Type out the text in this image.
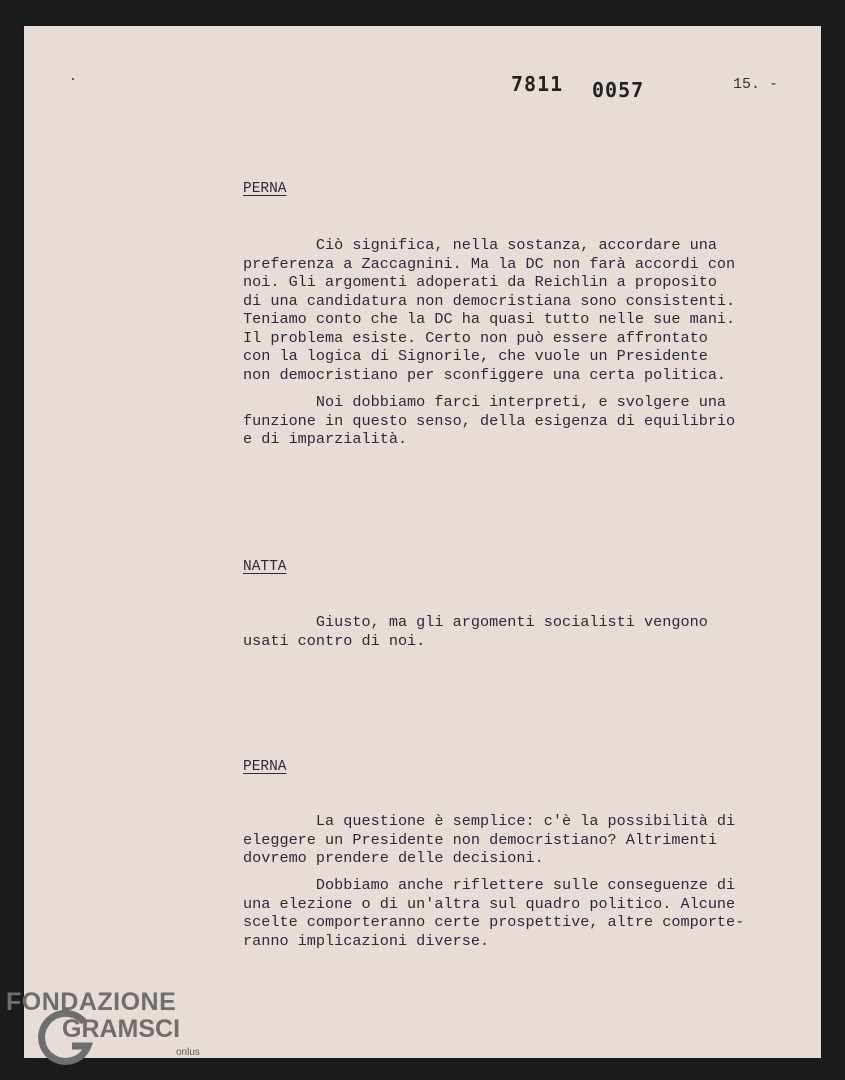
7811 0057	15. -
PERNA

Ciò significa, nella sostanza, accordare una
preferenza a Zaccagnini. Ma la DC non farà accordi con
noi. Gli argomenti adoperati da Reichlin a proposito
di una candidatura non democristiana sono consistenti.
Teniamo conto che la DC ha quasi tutto nelle sue mani.
Il problema esiste. Certo non può essere affrontato
con la logica di Signorile, che vuole un Presidente
non democristiano per sconfiggere una certa politica.

Noi dobbiamo farci interpreti, e svolgere una
funzione in questo senso, della esigenza di equilibrio
e di imparzialità.

NATTA

Giusto, ma gli argomenti socialisti vengono
usati contro di noi.

PERNA

La questione è semplice: c'è la possibilità di
eleggere un Presidente non democristiano? Altrimenti
dovremo prendere delle decisioni.

Dobbiamo anche riflettere sulle conseguenze di
una elezione o di un'altra sul quadro politico. Alcune
scelte comporteranno certe prospettive, altre comporte-
ranno implicazioni diverse.

FONDAZIONE
GRAMSCI
onlus
